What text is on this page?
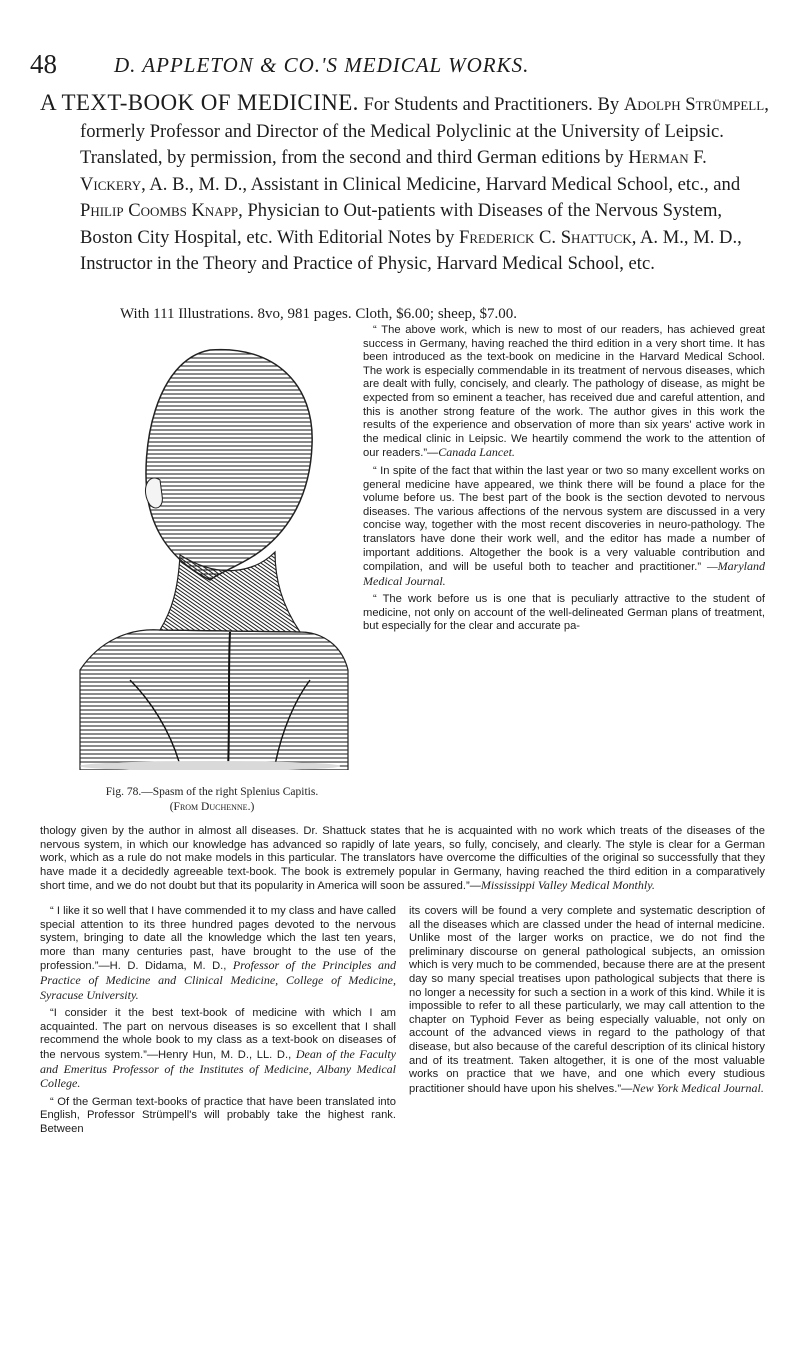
48	D. APPLETON & CO.'S MEDICAL WORKS.

A TEXT-BOOK OF MEDICINE. For Students and Practitioners. By Adolph Strümpell, formerly Professor and Director of the Medical Polyclinic at the University of Leipsic. Translated, by permission, from the second and third German editions by Herman F. Vickery, A. B., M. D., Assistant in Clinical Medicine, Harvard Medical School, etc., and Philip Coombs Knapp, Physician to Out-patients with Diseases of the Nervous System, Boston City Hospital, etc. With Editorial Notes by Frederick C. Shattuck, A. M., M. D., Instructor in the Theory and Practice of Physic, Harvard Medical School, etc.

With 111 Illustrations. 8vo, 981 pages. Cloth, $6.00; sheep, $7.00.
Fig. 78.—Spasm of the right Splenius Capitis.
(From Duchenne.)

“ The above work, which is new to most of our readers, has achieved great success in Germany, having reached the third edition in a very short time. It has been introduced as the text-book on medicine in the Harvard Medical School. The work is especially commendable in its treatment of nervous diseases, which are dealt with fully, concisely, and clearly. The pathology of disease, as might be expected from so eminent a teacher, has received due and careful attention, and this is another strong feature of the work. The author gives in this work the results of the experience and observation of more than six years' active work in the medical clinic in Leipsic. We heartily commend the work to the attention of our readers.”—Canada Lancet.

“ In spite of the fact that within the last year or two so many excellent works on general medicine have appeared, we think there will be found a place for the volume before us. The best part of the book is the section devoted to nervous diseases. The various affections of the nervous system are discussed in a very concise way, together with the most recent discoveries in neuro-pathology. The translators have done their work well, and the editor has made a number of important additions. Altogether the book is a very valuable contribution and compilation, and will be useful both to teacher and practitioner.” —Maryland Medical Journal.

“ The work before us is one that is peculiarly attractive to the student of medicine, not only on account of the well-delineated German plans of treatment, but especially for the clear and accurate pa-

thology given by the author in almost all diseases. Dr. Shattuck states that he is acquainted with no work which treats of the diseases of the nervous system, in which our knowledge has advanced so rapidly of late years, so fully, concisely, and clearly. The style is clear for a German work, which as a rule do not make models in this particular. The translators have overcome the difficulties of the original so successfully that they have made it a decidedly agreeable text-book. The book is extremely popular in Germany, having reached the third edition in a comparatively short time, and we do not doubt but that its popularity in America will soon be assured.”—Mississippi Valley Medical Monthly.

“ I like it so well that I have commended it to my class and have called special attention to its three hundred pages devoted to the nervous system, bringing to date all the knowledge which the last ten years, more than many centuries past, have brought to the use of the profession.”—H. D. Didama, M. D., Professor of the Principles and Practice of Medicine and Clinical Medicine, College of Medicine, Syracuse University.

“I consider it the best text-book of medicine with which I am acquainted. The part on nervous diseases is so excellent that I shall recommend the whole book to my class as a text-book on diseases of the nervous system.”—Henry Hun, M. D., LL. D., Dean of the Faculty and Emeritus Professor of the Institutes of Medicine, Albany Medical College.

“ Of the German text-books of practice that have been translated into English, Professor Strümpell's will probably take the highest rank. Between

its covers will be found a very complete and systematic description of all the diseases which are classed under the head of internal medicine. Unlike most of the larger works on practice, we do not find the preliminary discourse on general pathological subjects, an omission which is very much to be commended, because there are at the present day so many special treatises upon pathological subjects that there is no longer a necessity for such a section in a work of this kind. While it is impossible to refer to all these particularly, we may call attention to the chapter on Typhoid Fever as being especially valuable, not only on account of the advanced views in regard to the pathology of that disease, but also because of the careful description of its clinical history and of its treatment. Taken altogether, it is one of the most valuable works on practice that we have, and one which every studious practitioner should have upon his shelves.”—New York Medical Journal.
